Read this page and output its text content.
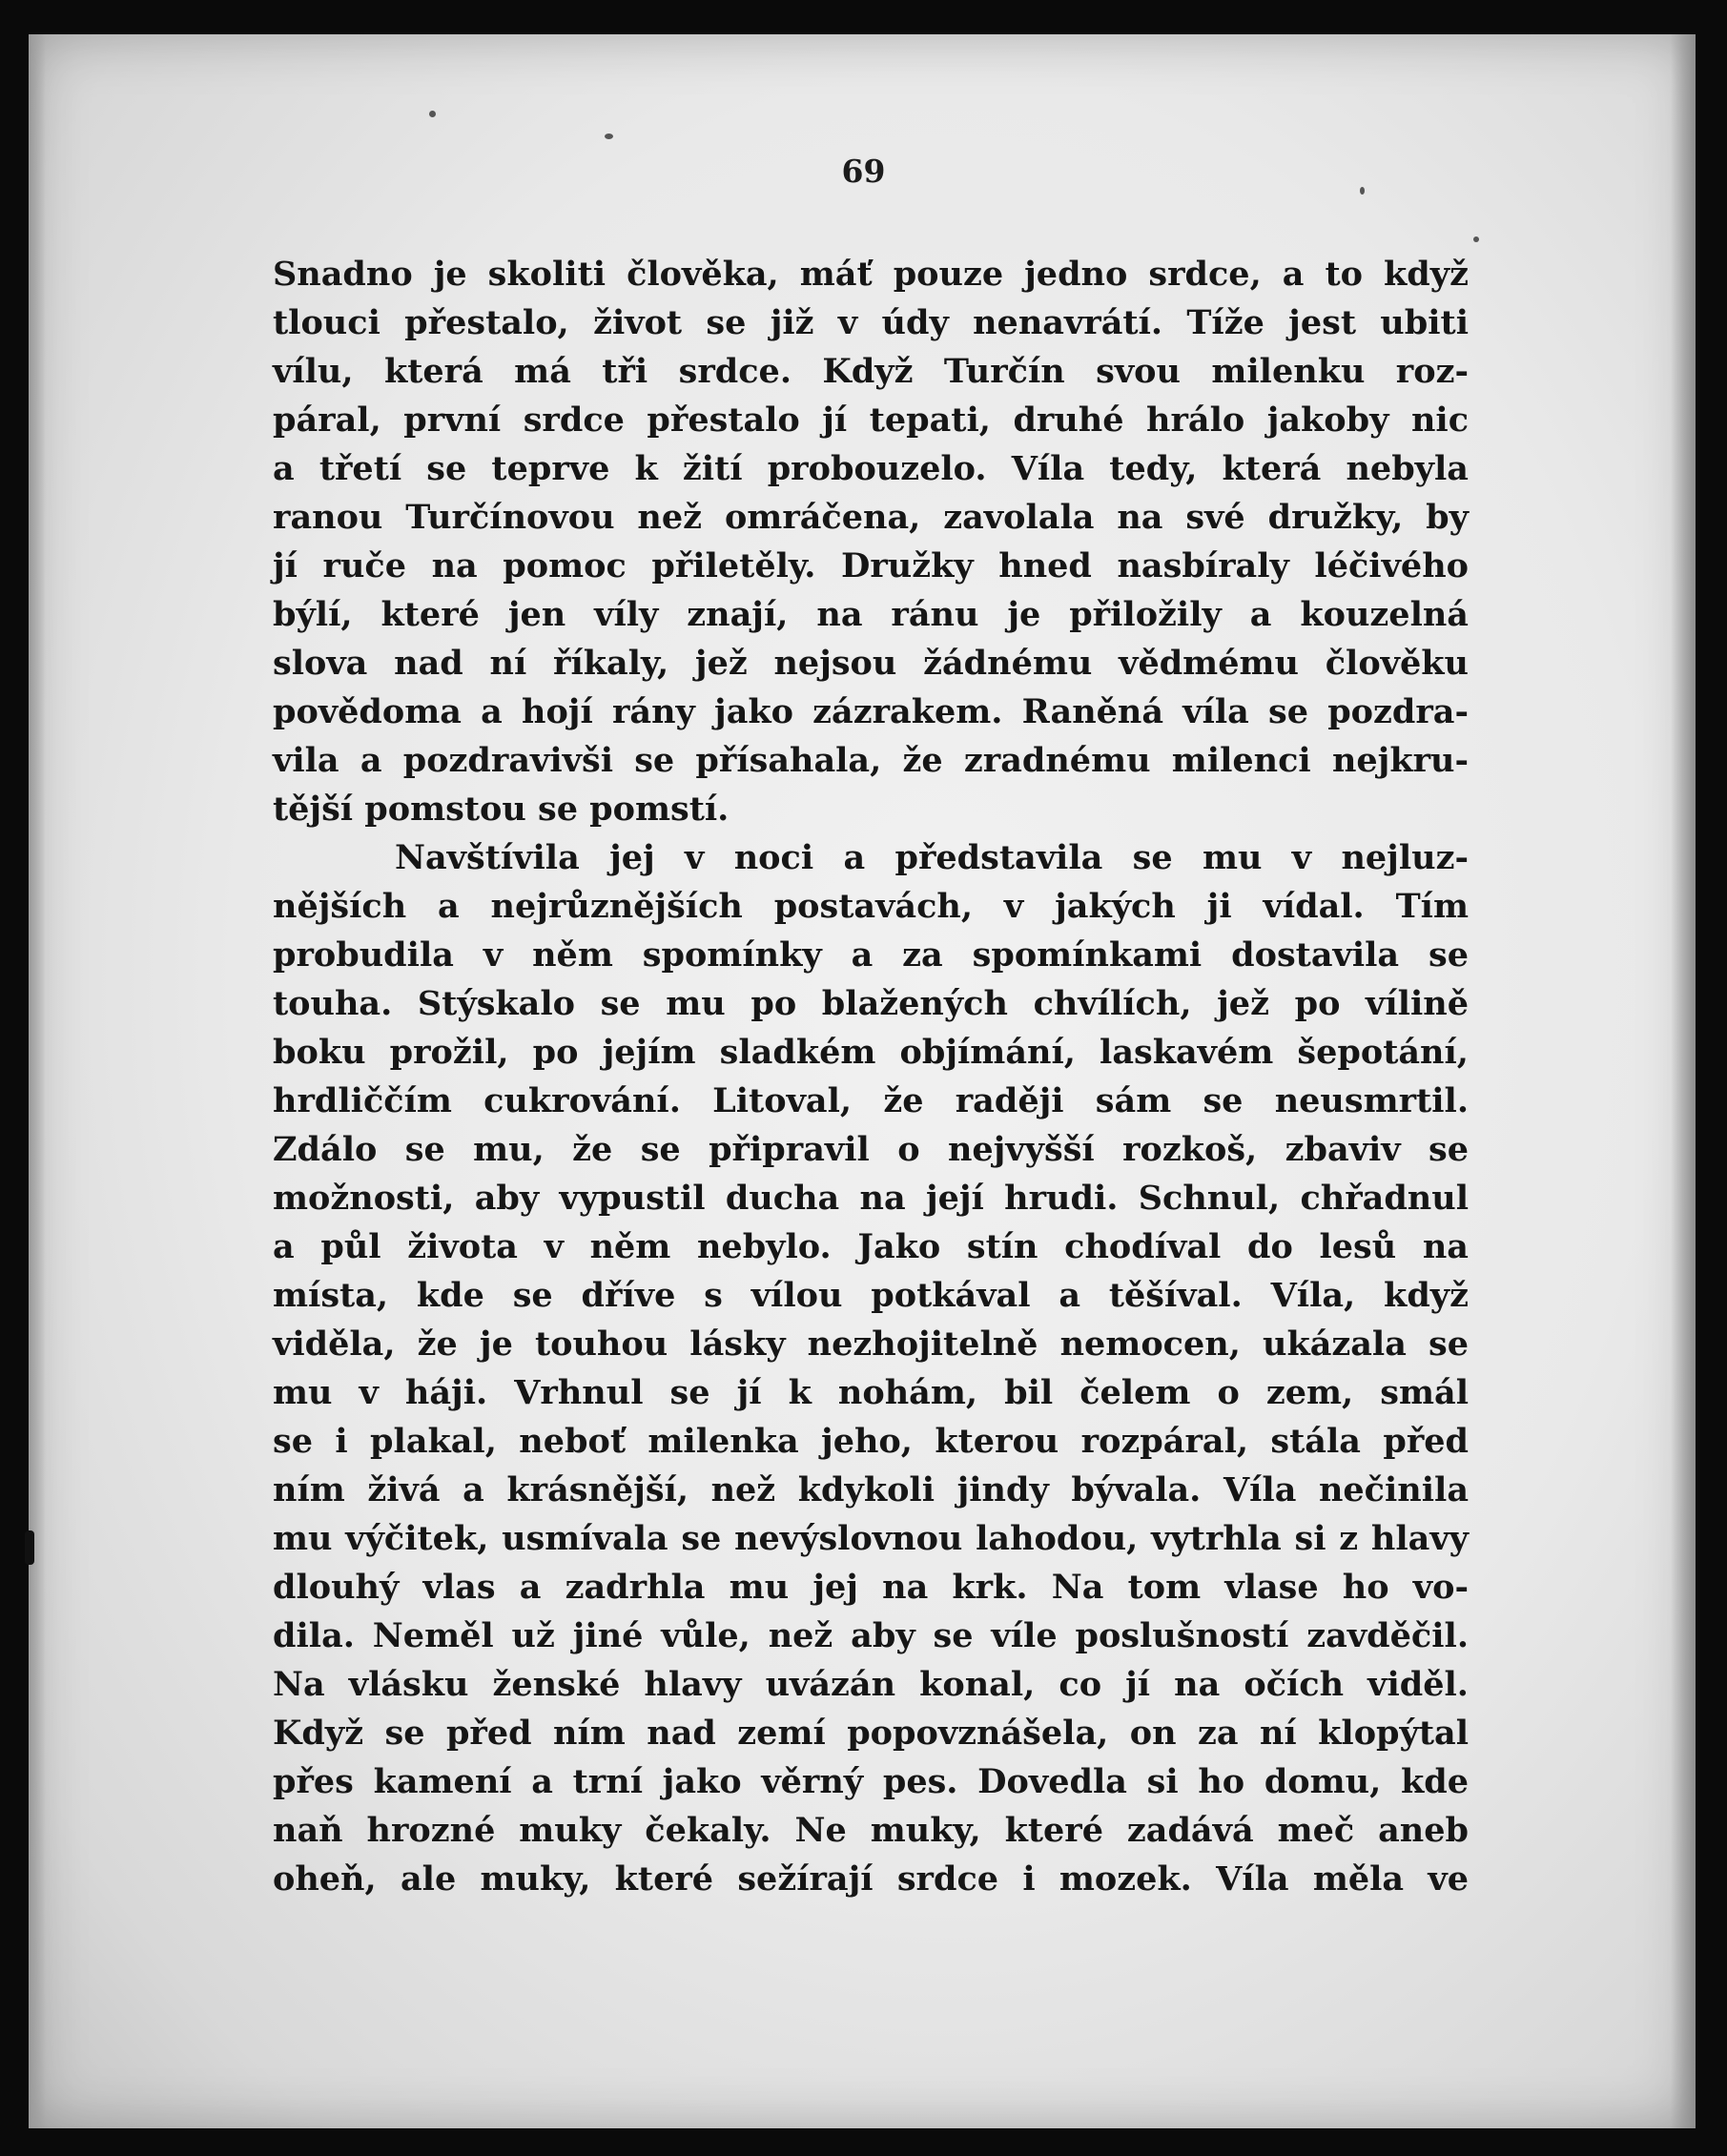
69
Snadno je skoliti člověka, máť pouze jedno srdce, a to když
tlouci přestalo, život se již v údy nenavrátí. Tíže jest ubiti
vílu, která má tři srdce. Když Turčín svou milenku roz-
páral, první srdce přestalo jí tepati, druhé hrálo jakoby nic
a třetí se teprve k žití probouzelo. Víla tedy, která nebyla
ranou Turčínovou než omráčena, zavolala na své družky, by
jí ruče na pomoc přiletěly. Družky hned nasbíraly léčivého
býlí, které jen víly znají, na ránu je přiložily a kouzelná
slova nad ní říkaly, jež nejsou žádnému vědmému člověku
povědoma a hojí rány jako zázrakem. Raněná víla se pozdra-
vila a pozdravivši se přísahala, že zradnému milenci nejkru-
tější pomstou se pomstí.
Navštívila jej v noci a představila se mu v nejluz-
nějších a nejrůznějších postavách, v jakých ji vídal. Tím
probudila v něm spomínky a za spomínkami dostavila se
touha. Stýskalo se mu po blažených chvílích, jež po vílině
boku prožil, po jejím sladkém objímání, laskavém šepotání,
hrdliččím cukrování. Litoval, že raději sám se neusmrtil.
Zdálo se mu, že se připravil o nejvyšší rozkoš, zbaviv se
možnosti, aby vypustil ducha na její hrudi. Schnul, chřadnul
a půl života v něm nebylo. Jako stín chodíval do lesů na
místa, kde se dříve s vílou potkával a těšíval. Víla, když
viděla, že je touhou lásky nezhojitelně nemocen, ukázala se
mu v háji. Vrhnul se jí k nohám, bil čelem o zem, smál
se i plakal, neboť milenka jeho, kterou rozpáral, stála před
ním živá a krásnější, než kdykoli jindy bývala. Víla nečinila
mu výčitek, usmívala se nevýslovnou lahodou, vytrhla si z hlavy
dlouhý vlas a zadrhla mu jej na krk. Na tom vlase ho vo-
dila. Neměl už jiné vůle, než aby se víle poslušností zavděčil.
Na vlásku ženské hlavy uvázán konal, co jí na očích viděl.
Když se před ním nad zemí popovznášela, on za ní klopýtal
přes kamení a trní jako věrný pes. Dovedla si ho domu, kde
naň hrozné muky čekaly. Ne muky, které zadává meč aneb
oheň, ale muky, které sežírají srdce i mozek. Víla měla ve
